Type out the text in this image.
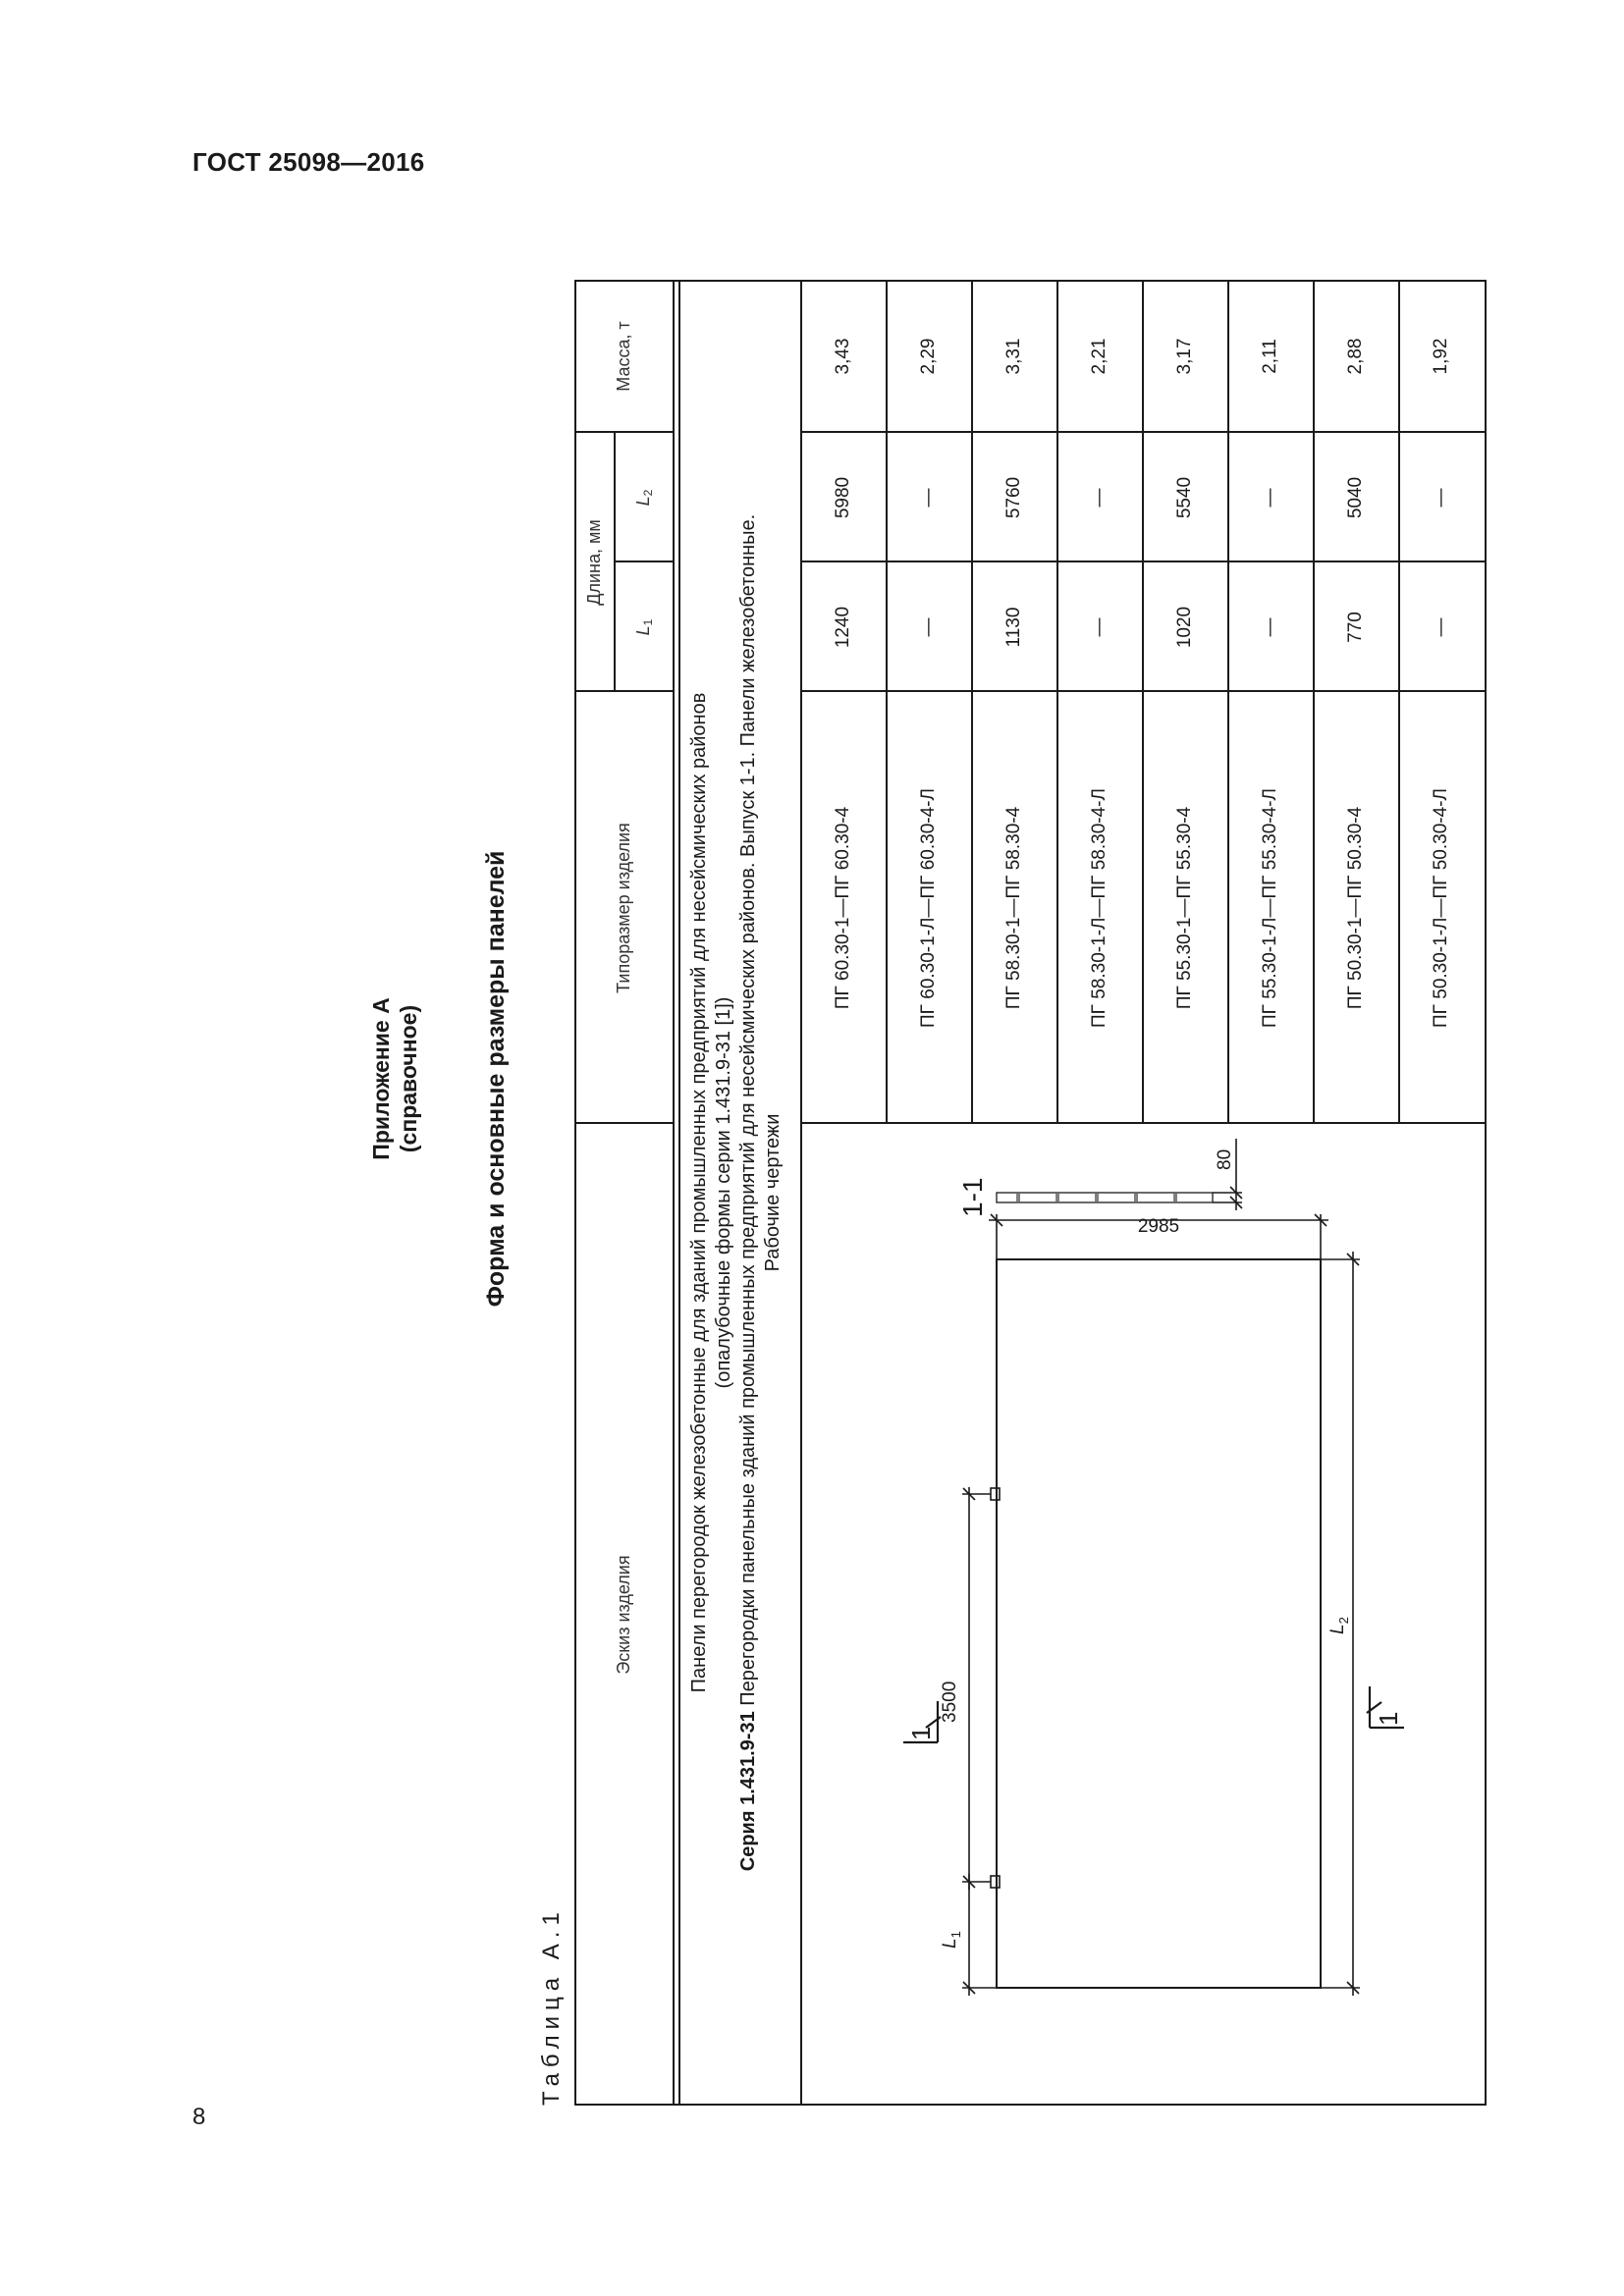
ГОСТ 25098—2016
8
Приложение А (справочное) Форма и основные размеры панелей
Таблица А.1
Эскиз изделия
Типоразмер изделия
Длина, мм
L
1
L
2
Масса, т
Панели перегородок железобетонные для зданий промышленных предприятий для несейсмических районов (опалубочные формы серии 1.431.9-31 [1])
Серия 1.431.9-31 Перегородки панельные зданий промышленных предприятий для несейсмических районов. Выпуск 1-1. Панели железобетонные. Рабочие чертежи
ПГ 60.30-1—ПГ 60.30-4
1240
5980
3,43
ПГ 60.30-1-Л—ПГ 60.30-4-Л
—
—
2,29
ПГ 58.30-1—ПГ 58.30-4
1130
5760
3,31
ПГ 58.30-1-Л—ПГ 58.30-4-Л
—
—
2,21
ПГ 55.30-1—ПГ 55.30-4
1020
5540
3,17
ПГ 55.30-1-Л—ПГ 55.30-4-Л
—
—
2,11
ПГ 50.30-1—ПГ 50.30-4
770
5040
2,88
ПГ 50.30-1-Л—ПГ 50.30-4-Л
—
—
1,92
$L_1$
3500
$L_2$
2985
1-1
80
1
1
